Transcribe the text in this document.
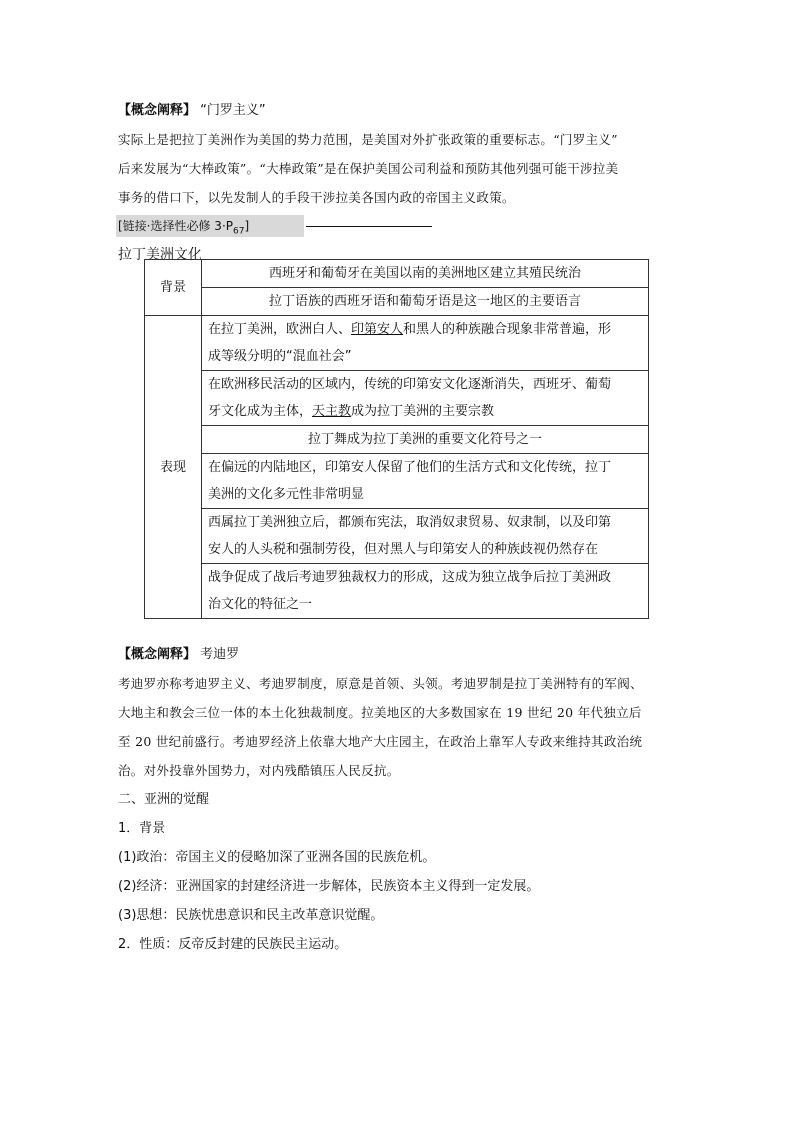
【概念阐释】 “门罗主义”

实际上是把拉丁美洲作为美国的势力范围，是美国对外扩张政策的重要标志。“门罗主义”

后来发展为“大棒政策”。“大棒政策”是在保护美国公司利益和预防其他列强可能干涉拉美

事务的借口下，以先发制人的手段干涉拉美各国内政的帝国主义政策。

[链接·选择性必修 $3\cdot P_{67}$]

拉丁美洲文化

背景	西班牙和葡萄牙在美国以南的美洲地区建立其殖民统治
	拉丁语族的西班牙语和葡萄牙语是这一地区的主要语言
表现	在拉丁美洲，欧洲白人、印第安人和黑人的种族融合现象非常普遍，形
成等级分明的“混血社会”
	在欧洲移民活动的区域内，传统的印第安文化逐渐消失，西班牙、葡萄
牙文化成为主体，天主教成为拉丁美洲的主要宗教
	拉丁舞成为拉丁美洲的重要文化符号之一
	在偏远的内陆地区，印第安人保留了他们的生活方式和文化传统，拉丁
美洲的文化多元性非常明显
	西属拉丁美洲独立后，都颁布宪法，取消奴隶贸易、奴隶制，以及印第
安人的人头税和强制劳役，但对黑人与印第安人的种族歧视仍然存在
	战争促成了战后考迪罗独裁权力的形成，这成为独立战争后拉丁美洲政
治文化的特征之一

【概念阐释】 考迪罗

考迪罗亦称考迪罗主义、考迪罗制度，原意是首领、头领。考迪罗制是拉丁美洲特有的军阀、

大地主和教会三位一体的本土化独裁制度。拉美地区的大多数国家在 19 世纪 20 年代独立后

至 20 世纪前盛行。考迪罗经济上依靠大地产大庄园主，在政治上靠军人专政来维持其政治统

治。对外投靠外国势力，对内残酷镇压人民反抗。

二、亚洲的觉醒

1．背景

(1)政治：帝国主义的侵略加深了亚洲各国的民族危机。

(2)经济：亚洲国家的封建经济进一步解体，民族资本主义得到一定发展。

(3)思想：民族忧患意识和民主改革意识觉醒。

2．性质：反帝反封建的民族民主运动。
